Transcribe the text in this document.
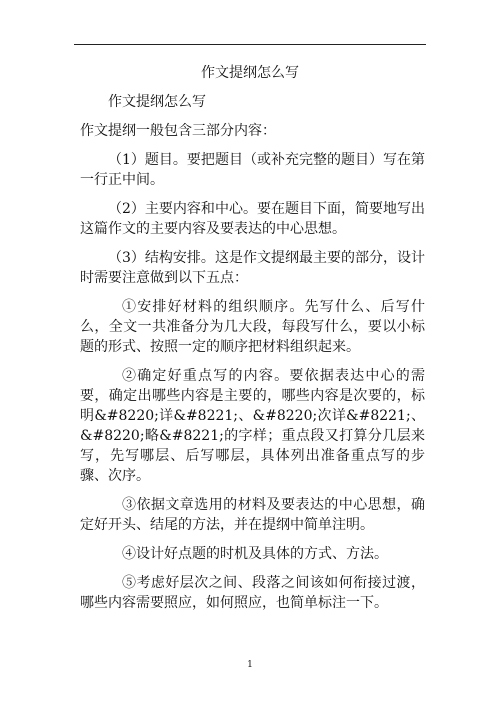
作文提纲怎么写

作文提纲怎么写

作文提纲一般包含三部分内容：

（1）题目。要把题目（或补充完整的题目）写在第一行正中间。

（2）主要内容和中心。要在题目下面，简要地写出这篇作文的主要内容及要表达的中心思想。

（3）结构安排。这是作文提纲最主要的部分，设计时需要注意做到以下五点：

①安排好材料的组织顺序。先写什么、后写什么，全文一共准备分为几大段，每段写什么，要以小标题的形式、按照一定的顺序把材料组织起来。

②确定好重点写的内容。要依据表达中心的需要，确定出哪些内容是主要的，哪些内容是次要的，标明&#8220;详&#8221;、&#8220;次详&#8221;、&#8220;略&#8221;的字样；重点段又打算分几层来写，先写哪层、后写哪层，具体列出准备重点写的步骤、次序。

③依据文章选用的材料及要表达的中心思想，确定好开头、结尾的方法，并在提纲中简单注明。

④设计好点题的时机及具体的方式、方法。

⑤考虑好层次之间、段落之间该如何衔接过渡，哪些内容需要照应，如何照应，也简单标注一下。

1
